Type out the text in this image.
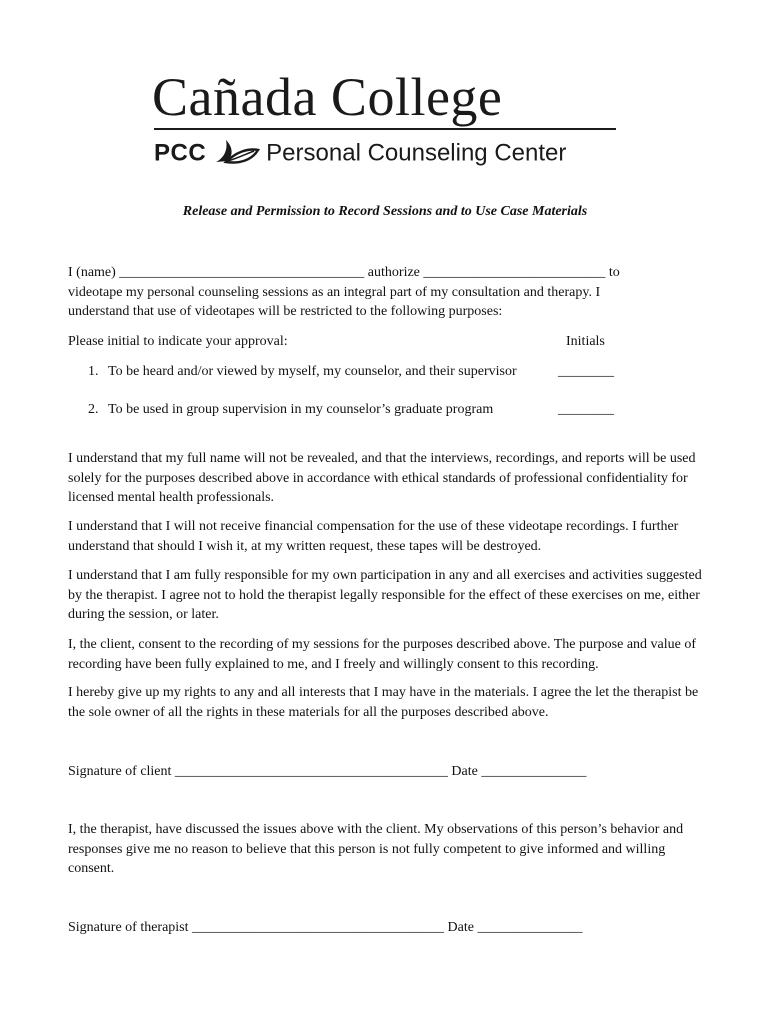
Cañada College
PCC	Personal Counseling Center
Release and Permission to Record Sessions and to Use Case Materials
I (name) ___________________________________ authorize __________________________ to
videotape my personal counseling sessions as an integral part of my consultation and therapy. I
understand that use of videotapes will be restricted to the following purposes:
Please initial to indicate your approval:	Initials
1. To be heard and/or viewed by myself, my counselor, and their supervisor	________
2. To be used in group supervision in my counselor’s graduate program	________

I understand that my full name will not be revealed, and that the interviews, recordings, and reports will be used solely for the purposes described above in accordance with ethical standards of professional confidentiality for licensed mental health professionals.

I understand that I will not receive financial compensation for the use of these videotape recordings. I further understand that should I wish it, at my written request, these tapes will be destroyed.

I understand that I am fully responsible for my own participation in any and all exercises and activities suggested by the therapist. I agree not to hold the therapist legally responsible for the effect of these exercises on me, either during the session, or later.

I, the client, consent to the recording of my sessions for the purposes described above. The purpose and value of recording have been fully explained to me, and I freely and willingly consent to this recording.

I hereby give up my rights to any and all interests that I may have in the materials. I agree the let the therapist be the sole owner of all the rights in these materials for all the purposes described above.

Signature of client _______________________________________ Date _______________

I, the therapist, have discussed the issues above with the client. My observations of this person’s behavior and responses give me no reason to believe that this person is not fully competent to give informed and willing consent.

Signature of therapist ____________________________________ Date _______________
